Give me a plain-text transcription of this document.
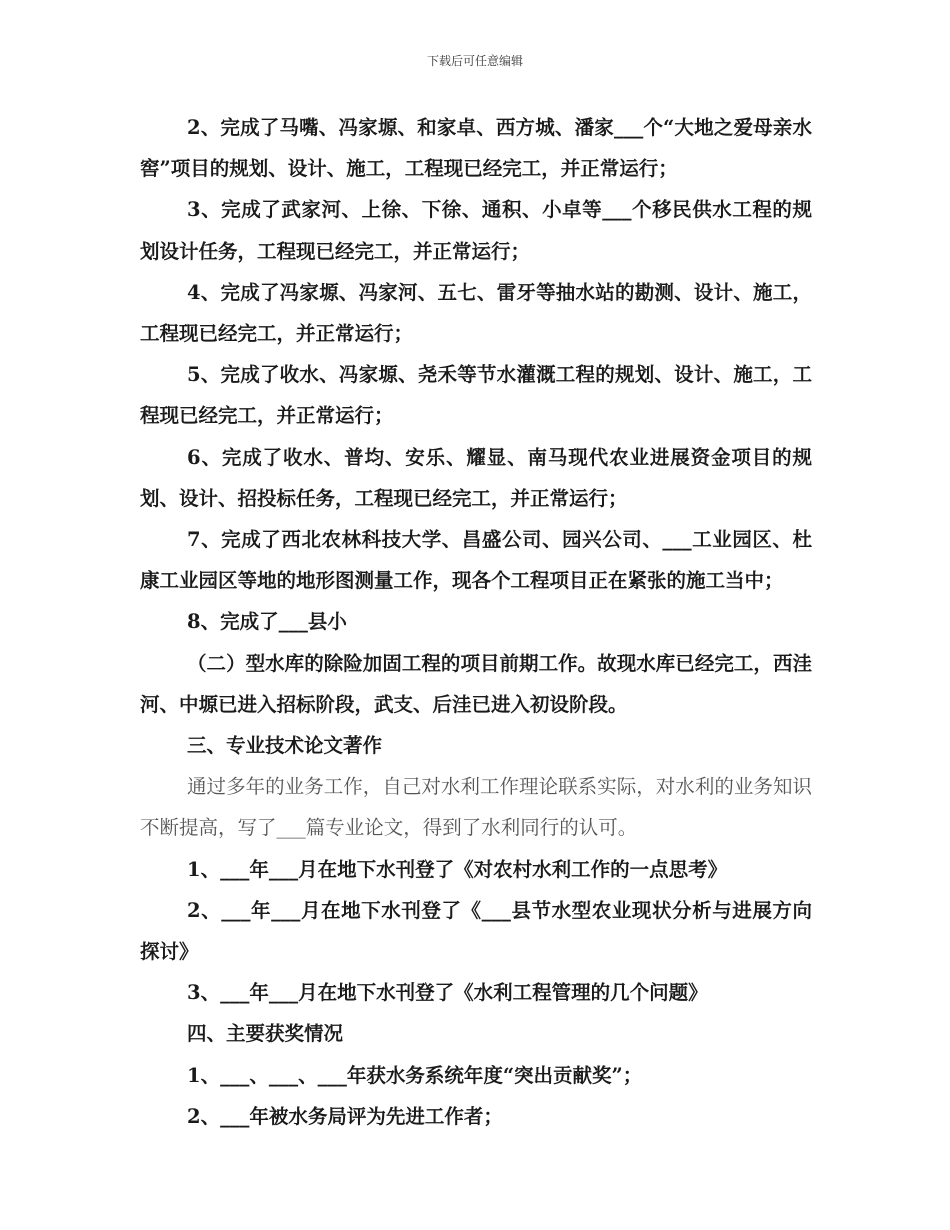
下载后可任意编辑

2、完成了马嘴、冯家塬、和家卓、西方城、潘家___个“大地之爱母亲水窖”项目的规划、设计、施工，工程现已经完工，并正常运行；

3、完成了武家河、上徐、下徐、通积、小卓等___个移民供水工程的规划设计任务，工程现已经完工，并正常运行；

4、完成了冯家塬、冯家河、五七、雷牙等抽水站的勘测、设计、施工，工程现已经完工，并正常运行；

5、完成了收水、冯家塬、尧禾等节水灌溉工程的规划、设计、施工，工程现已经完工，并正常运行；

6、完成了收水、普均、安乐、耀显、南马现代农业进展资金项目的规划、设计、招投标任务，工程现已经完工，并正常运行；

7、完成了西北农林科技大学、昌盛公司、园兴公司、___工业园区、杜康工业园区等地的地形图测量工作，现各个工程项目正在紧张的施工当中；

8、完成了___县小

（二）型水库的除险加固工程的项目前期工作。故现水库已经完工，西洼河、中塬已进入招标阶段，武支、后洼已进入初设阶段。

三、专业技术论文著作

通过多年的业务工作，自己对水利工作理论联系实际，对水利的业务知识不断提高，写了___篇专业论文，得到了水利同行的认可。

1、___年___月在地下水刊登了《对农村水利工作的一点思考》

2、___年___月在地下水刊登了《___县节水型农业现状分析与进展方向探讨》

3、___年___月在地下水刊登了《水利工程管理的几个问题》

四、主要获奖情况

1、___、___、___年获水务系统年度“突出贡献奖”；

2、___年被水务局评为先进工作者；
